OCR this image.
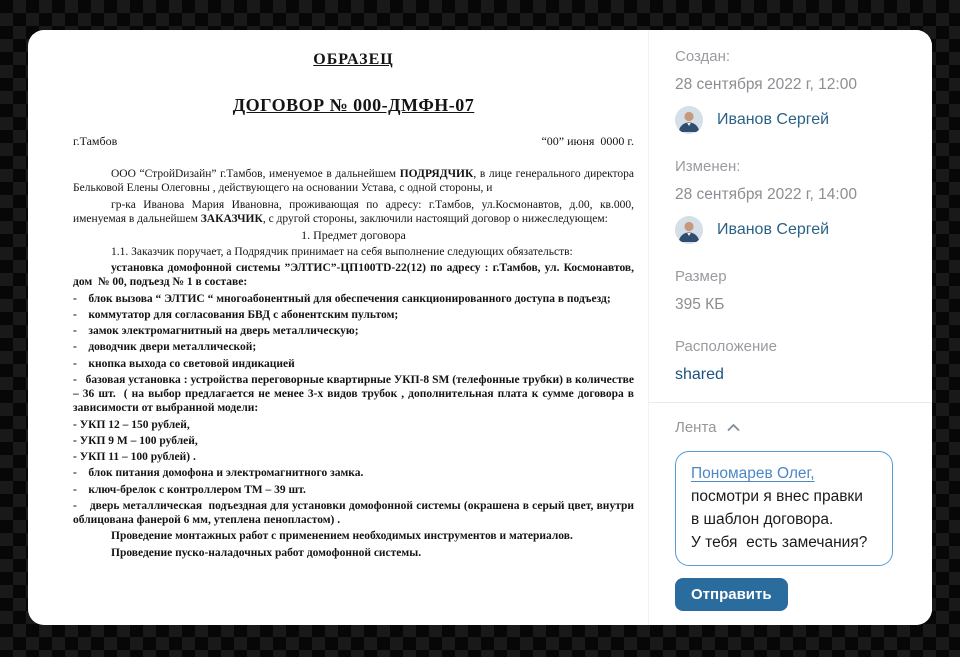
ОБРАЗЕЦ
ДОГОВОР № 000-ДМФН-07
г.Тамбов	“00” июня  0000 г.

ООО “СтройDизайн” г.Тамбов, именуемое в дальнейшем ПОДРЯДЧИК, в лице генерального директора Бельковой Елены Олеговны , действующего на основании Устава, с одной стороны, и

гр-ка Иванова Мария Ивановна, проживающая по адресу: г.Тамбов, ул.Космонавтов, д.00, кв.000, именуемая в дальнейшем ЗАКАЗЧИК, с другой стороны, заключили настоящий договор о нижеследующем:

1. Предмет договора

1.1. Заказчик поручает, а Подрядчик принимает на себя выполнение следующих обязательств:

установка домофонной системы ”ЭЛТИС”-ЦП100TD-22(12) по адресу : г.Тамбов, ул. Космонавтов, дом  № 00, подъезд № 1 в составе:

-    блок вызова “ ЭЛТИС “ многоабонентный для обеспечения санкционированного доступа в подъезд;

-    коммутатор для согласования БВД с абонентским пультом;

-    замок электромагнитный на дверь металлическую;

-    доводчик двери металлической;

-    кнопка выхода со световой индикацией

-   базовая установка : устройства переговорные квартирные УКП-8 SM (телефонные трубки) в количестве – 36 шт.  ( на выбор предлагается не менее 3-х видов трубок , дополнительная плата к сумме договора в зависимости от выбранной модели:

- УКП 12 – 150 рублей,

- УКП 9 М – 100 рублей,

- УКП 11 – 100 рублей) .

-    блок питания домофона и электромагнитного замка.

-    ключ-брелок с контроллером ТМ – 39 шт.

-    дверь металлическая  подъездная для установки домофонной системы (окрашена в серый цвет, внутри облицована фанерой 6 мм, утеплена пенопластом) .

Проведение монтажных работ с применением необходимых инструментов и материалов.

Проведение пуско-наладочных работ домофонной системы.

Создан:
28 сентября 2022 г, 12:00
Иванов Сергей
Изменен:
28 сентября 2022 г, 14:00
Иванов Сергей
Размер
395 КБ
Расположение
shared
Лента
Пономарев Олег,
посмотри я внес правки
в шаблон договора.
У тебя  есть замечания?
Отправить
